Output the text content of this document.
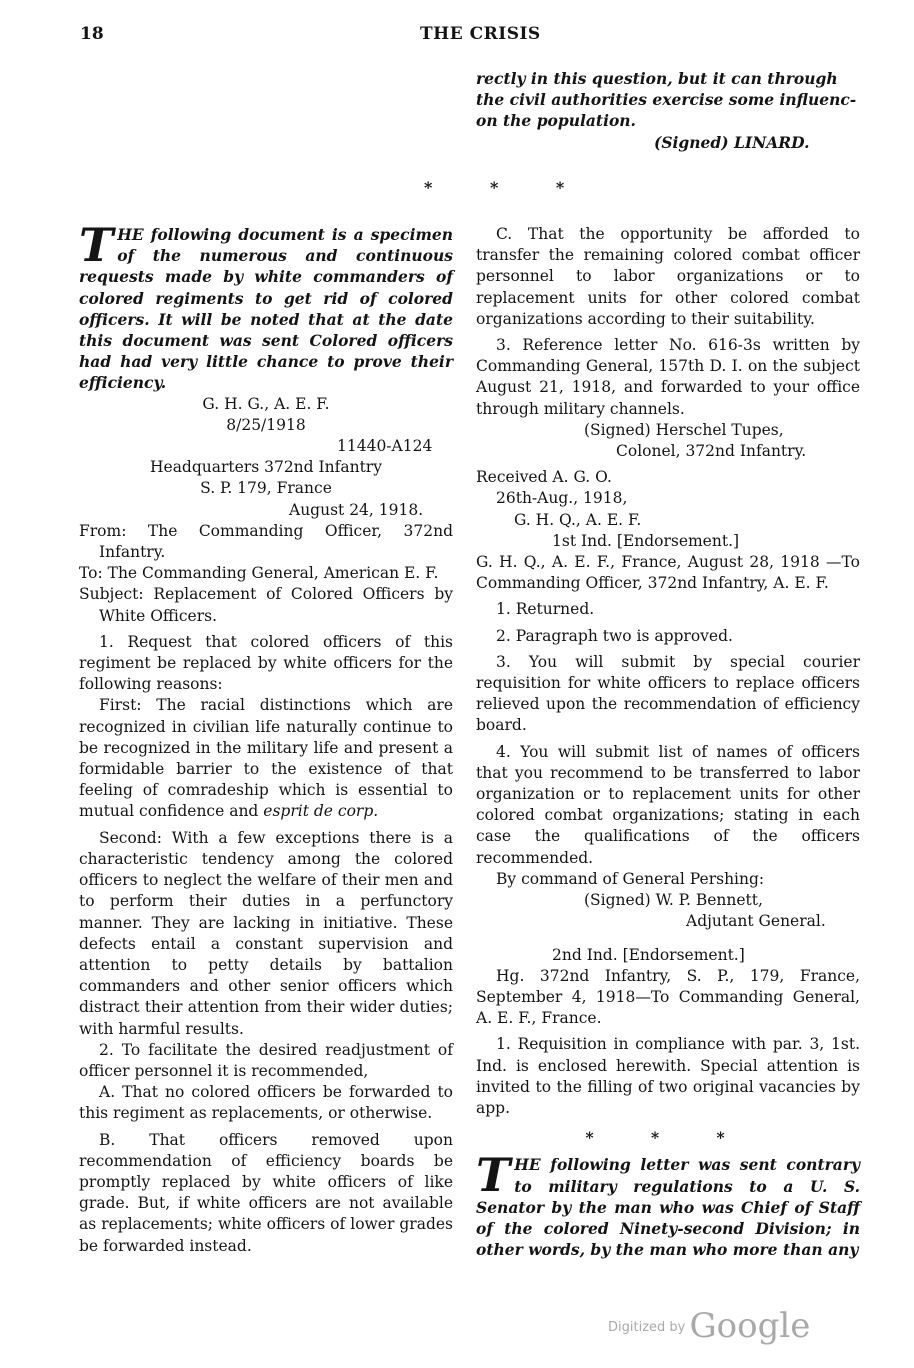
18	THE CRISIS

rectly in this question, but it can through

the civil authorities exercise some influenc-

on the population.

(Signed) LINARD.

* * *

THE following document is a specimen of the numerous and continuous requests made by white commanders of colored regiments to get rid of colored officers. It will be noted that at the date this document was sent Colored officers had had very little chance to prove their efficiency.

G. H. G., A. E. F.

8/25/1918

11440-A124

Headquarters 372nd Infantry

S. P. 179, France

August 24, 1918.

From: The Commanding Officer, 372nd Infantry.

To: The Commanding General, American E. F.

Subject: Replacement of Colored Officers by White Officers.

1. Request that colored officers of this regiment be replaced by white officers for the following reasons:

First: The racial distinctions which are recognized in civilian life naturally continue to be recognized in the military life and present a formidable barrier to the existence of that feeling of comradeship which is essential to mutual confidence and esprit de corp.

Second: With a few exceptions there is a characteristic tendency among the colored officers to neglect the welfare of their men and to perform their duties in a perfunctory manner. They are lacking in initiative. These defects entail a constant supervision and attention to petty details by battalion commanders and other senior officers which distract their attention from their wider duties; with harmful results.

2. To facilitate the desired readjustment of officer personnel it is recommended,

A. That no colored officers be forwarded to this regiment as replacements, or otherwise.

B. That officers removed upon recommendation of efficiency boards be promptly replaced by white officers of like grade. But, if white officers are not available as replacements; white officers of lower grades be forwarded instead.

C. That the opportunity be afforded to transfer the remaining colored combat officer personnel to labor organizations or to replacement units for other colored combat organizations according to their suitability.

3. Reference letter No. 616-3s written by Commanding General, 157th D. I. on the subject August 21, 1918, and forwarded to your office through military channels.

(Signed) Herschel Tupes,

Colonel, 372nd Infantry.

Received A. G. O.

26th-Aug., 1918,

G. H. Q., A. E. F.

1st Ind. [Endorsement.]

G. H. Q., A. E. F., France, August 28, 1918 —To Commanding Officer, 372nd Infantry, A. E. F.

1. Returned.

2. Paragraph two is approved.

3. You will submit by special courier requisition for white officers to replace officers relieved upon the recommendation of efficiency board.

4. You will submit list of names of officers that you recommend to be transferred to labor organization or to replacement units for other colored combat organizations; stating in each case the qualifications of the officers recommended.

By command of General Pershing:

(Signed) W. P. Bennett,

Adjutant General.

2nd Ind. [Endorsement.]

Hg. 372nd Infantry, S. P., 179, France, September 4, 1918—To Commanding General, A. E. F., France.

1. Requisition in compliance with par. 3, 1st. Ind. is enclosed herewith. Special attention is invited to the filling of two original vacancies by app.

* * *

THE following letter was sent contrary to military regulations to a U. S. Senator by the man who was Chief of Staff of the colored Ninety-second Division; in other words, by the man who more than any

Digitized by Google
